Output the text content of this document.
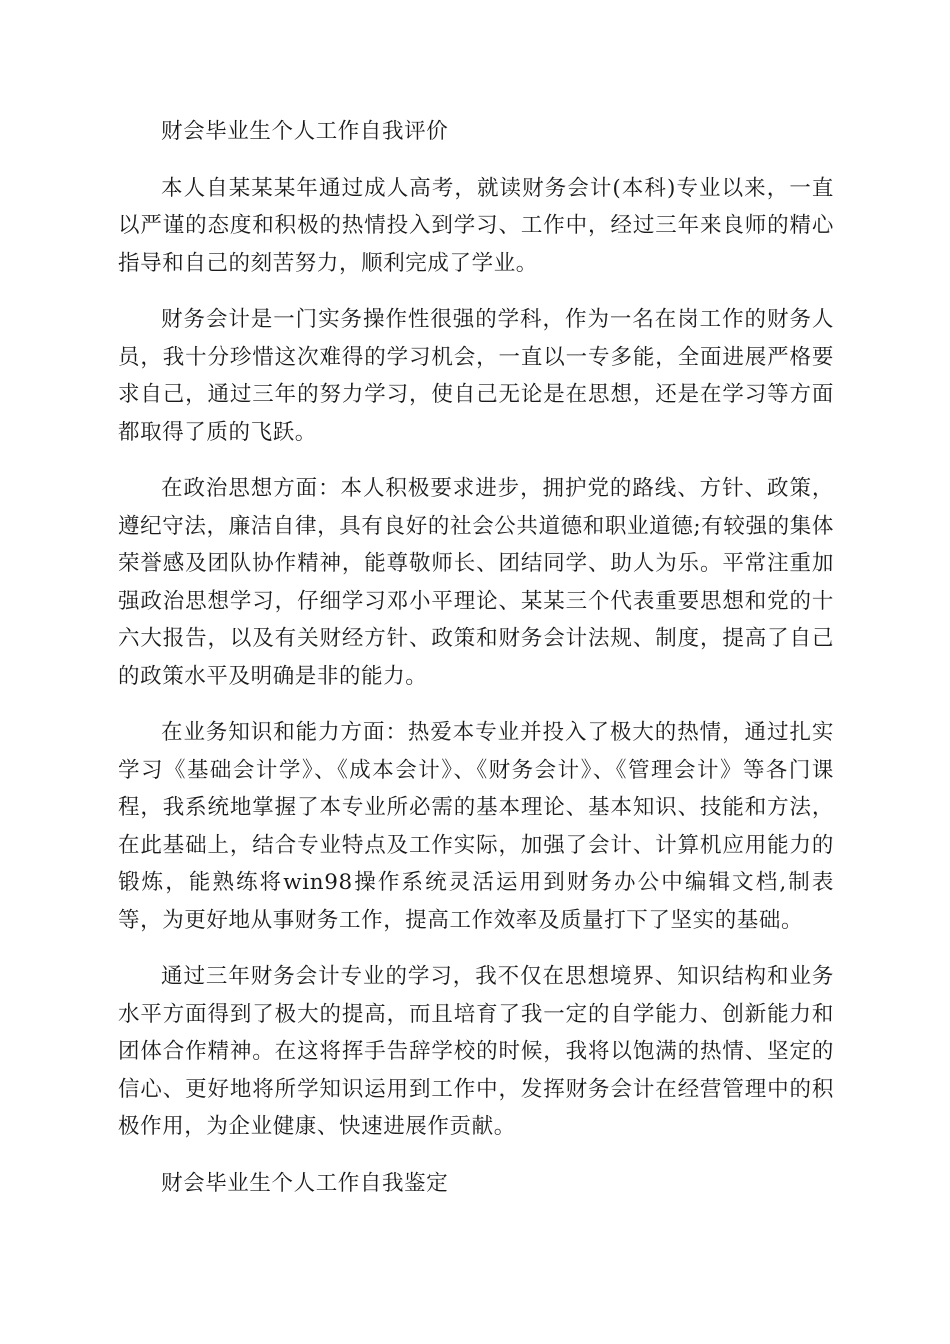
财会毕业生个人工作自我评价

本人自某某某年通过成人高考，就读财务会计(本科)专业以来，一直以严谨的态度和积极的热情投入到学习、工作中，经过三年来良师的精心指导和自己的刻苦努力，顺利完成了学业。

财务会计是一门实务操作性很强的学科，作为一名在岗工作的财务人员，我十分珍惜这次难得的学习机会，一直以一专多能，全面进展严格要求自己，通过三年的努力学习，使自己无论是在思想，还是在学习等方面都取得了质的飞跃。

在政治思想方面：本人积极要求进步，拥护党的路线、方针、政策，遵纪守法，廉洁自律，具有良好的社会公共道德和职业道德;有较强的集体荣誉感及团队协作精神，能尊敬师长、团结同学、助人为乐。平常注重加强政治思想学习，仔细学习邓小平理论、某某三个代表重要思想和党的十六大报告，以及有关财经方针、政策和财务会计法规、制度，提高了自己的政策水平及明确是非的能力。

在业务知识和能力方面：热爱本专业并投入了极大的热情，通过扎实学习《基础会计学》、《成本会计》、《财务会计》、《管理会计》等各门课程，我系统地掌握了本专业所必需的基本理论、基本知识、技能和方法，在此基础上，结合专业特点及工作实际，加强了会计、计算机应用能力的锻炼，能熟练将win98操作系统灵活运用到财务办公中编辑文档,制表等，为更好地从事财务工作，提高工作效率及质量打下了坚实的基础。

通过三年财务会计专业的学习，我不仅在思想境界、知识结构和业务水平方面得到了极大的提高，而且培育了我一定的自学能力、创新能力和团体合作精神。在这将挥手告辞学校的时候，我将以饱满的热情、坚定的信心、更好地将所学知识运用到工作中，发挥财务会计在经营管理中的积极作用，为企业健康、快速进展作贡献。

财会毕业生个人工作自我鉴定
